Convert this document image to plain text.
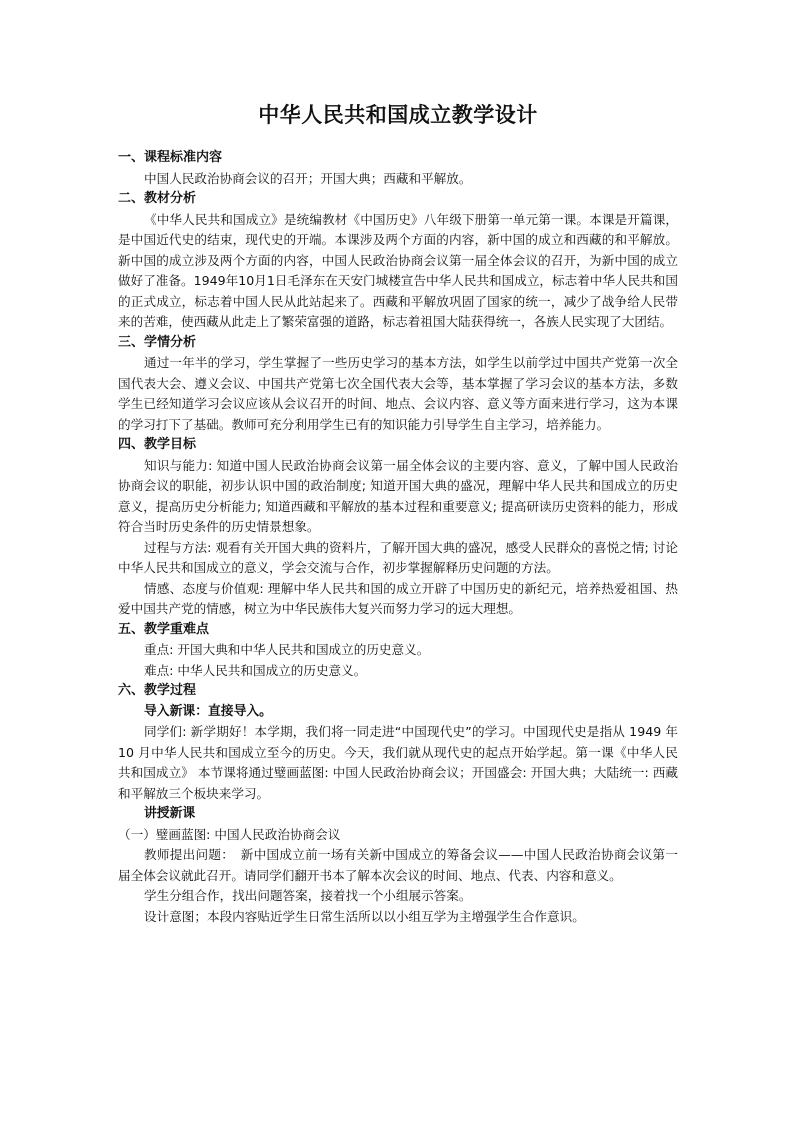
中华人民共和国成立教学设计

一、课程标准内容

中国人民政治协商会议的召开；开国大典；西藏和平解放。

二、教材分析

《中华人民共和国成立》是统编教材《中国历史》八年级下册第一单元第一课。本课是开篇课，是中国近代史的结束，现代史的开端。本课涉及两个方面的内容，新中国的成立和西藏的和平解放。新中国的成立涉及两个方面的内容，中国人民政治协商会议第一届全体会议的召开，为新中国的成立做好了准备。1949年10月1日毛泽东在天安门城楼宣告中华人民共和国成立，标志着中华人民共和国的正式成立，标志着中国人民从此站起来了。西藏和平解放巩固了国家的统一，减少了战争给人民带来的苦难，使西藏从此走上了繁荣富强的道路，标志着祖国大陆获得统一，各族人民实现了大团结。

三、学情分析

通过一年半的学习，学生掌握了一些历史学习的基本方法，如学生以前学过中国共产党第一次全国代表大会、遵义会议、中国共产党第七次全国代表大会等，基本掌握了学习会议的基本方法，多数学生已经知道学习会议应该从会议召开的时间、地点、会议内容、意义等方面来进行学习，这为本课的学习打下了基础。教师可充分利用学生已有的知识能力引导学生自主学习，培养能力。

四、教学目标

知识与能力: 知道中国人民政治协商会议第一届全体会议的主要内容、意义，了解中国人民政治协商会议的职能，初步认识中国的政治制度; 知道开国大典的盛况，理解中华人民共和国成立的历史意义，提高历史分析能力; 知道西藏和平解放的基本过程和重要意义; 提高研读历史资料的能力，形成符合当时历史条件的历史情景想象。

过程与方法: 观看有关开国大典的资料片，了解开国大典的盛况，感受人民群众的喜悦之情; 讨论中华人民共和国成立的意义，学会交流与合作，初步掌握解释历史问题的方法。

情感、态度与价值观: 理解中华人民共和国的成立开辟了中国历史的新纪元，培养热爱祖国、热爱中国共产党的情感，树立为中华民族伟大复兴而努力学习的远大理想。

五、教学重难点

重点: 开国大典和中华人民共和国成立的历史意义。

难点: 中华人民共和国成立的历史意义。

六、教学过程

导入新课：直接导入。

同学们: 新学期好！本学期，我们将一同走进“中国现代史”的学习。中国现代史是指从 1949 年 10 月中华人民共和国成立至今的历史。今天，我们就从现代史的起点开始学起。第一课《中华人民共和国成立》 本节课将通过璧画蓝图: 中国人民政治协商会议；开国盛会: 开国大典；大陆统一: 西藏和平解放三个板块来学习。

讲授新课

（一）璧画蓝图: 中国人民政治协商会议

教师提出问题：　新中国成立前一场有关新中国成立的筹备会议——中国人民政治协商会议第一届全体会议就此召开。请同学们翻开书本了解本次会议的时间、地点、代表、内容和意义。

学生分组合作，找出问题答案，接着找一个小组展示答案。

设计意图；本段内容贴近学生日常生活所以以小组互学为主增强学生合作意识。
